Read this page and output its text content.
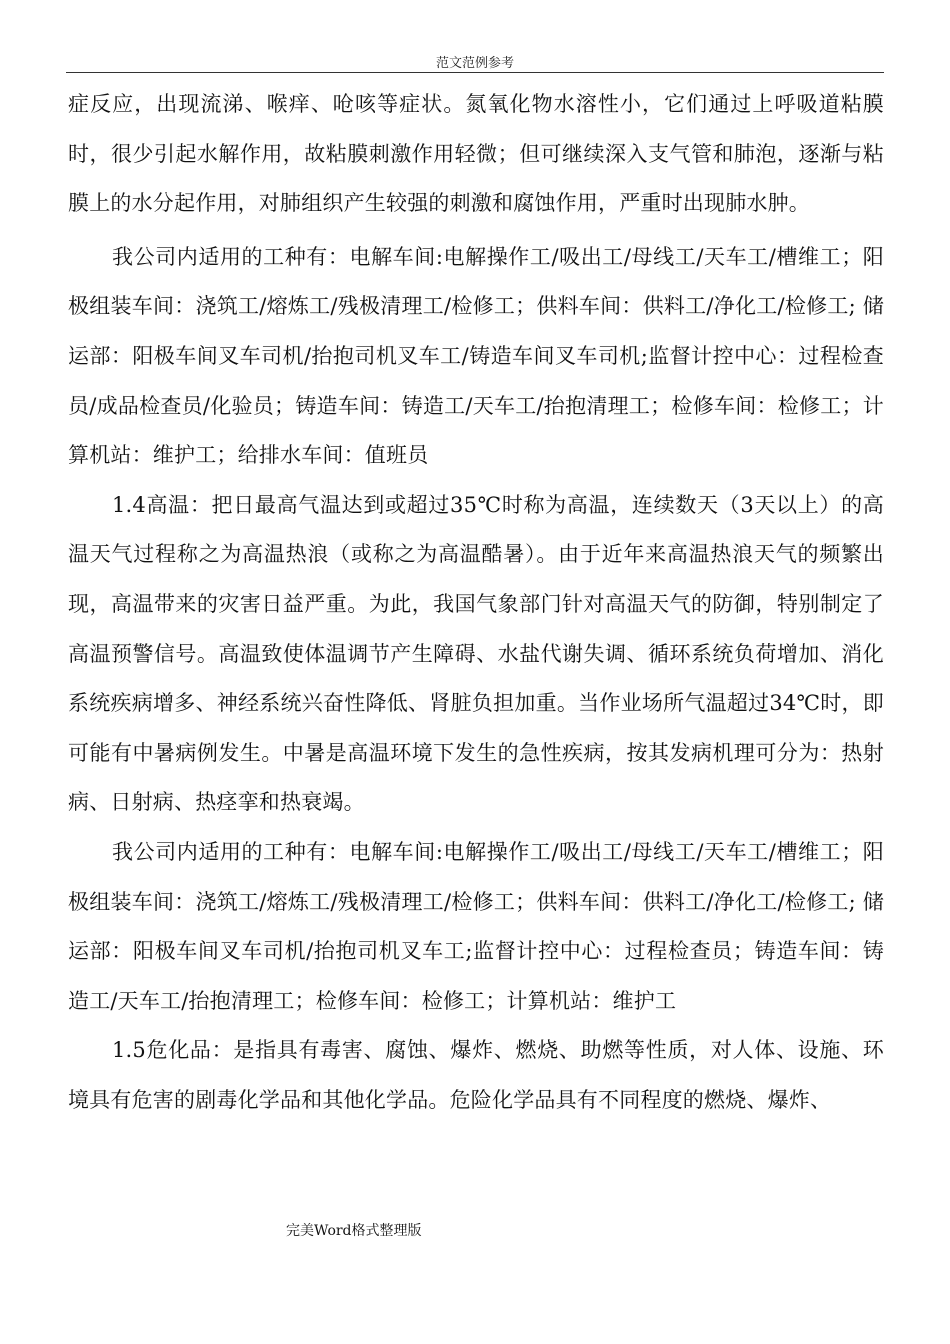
范文范例参考

症反应，出现流涕、喉痒、呛咳等症状。氮氧化物水溶性小，它们通过上呼吸道粘膜时，很少引起水解作用，故粘膜刺激作用轻微；但可继续深入支气管和肺泡，逐渐与粘膜上的水分起作用，对肺组织产生较强的刺激和腐蚀作用，严重时出现肺水肿。

我公司内适用的工种有：电解车间:电解操作工/吸出工/母线工/天车工/槽维工；阳极组装车间：浇筑工/熔炼工/残极清理工/检修工；供料车间：供料工/净化工/检修工; 储运部：阳极车间叉车司机/抬抱司机叉车工/铸造车间叉车司机;监督计控中心：过程检查员/成品检查员/化验员；铸造车间：铸造工/天车工/抬抱清理工；检修车间：检修工；计算机站：维护工；给排水车间：值班员

1.4高温：把日最高气温达到或超过35℃时称为高温，连续数天（3天以上）的高温天气过程称之为高温热浪（或称之为高温酷暑）。由于近年来高温热浪天气的频繁出现，高温带来的灾害日益严重。为此，我国气象部门针对高温天气的防御，特别制定了高温预警信号。高温致使体温调节产生障碍、水盐代谢失调、循环系统负荷增加、消化系统疾病增多、神经系统兴奋性降低、肾脏负担加重。当作业场所气温超过34℃时，即可能有中暑病例发生。中暑是高温环境下发生的急性疾病，按其发病机理可分为：热射病、日射病、热痉挛和热衰竭。

我公司内适用的工种有：电解车间:电解操作工/吸出工/母线工/天车工/槽维工；阳极组装车间：浇筑工/熔炼工/残极清理工/检修工；供料车间：供料工/净化工/检修工; 储运部：阳极车间叉车司机/抬抱司机叉车工;监督计控中心：过程检查员；铸造车间：铸造工/天车工/抬抱清理工；检修车间：检修工；计算机站：维护工

1.5危化品：是指具有毒害、腐蚀、爆炸、燃烧、助燃等性质，对人体、设施、环境具有危害的剧毒化学品和其他化学品。危险化学品具有不同程度的燃烧、爆炸、

完美Word格式整理版
